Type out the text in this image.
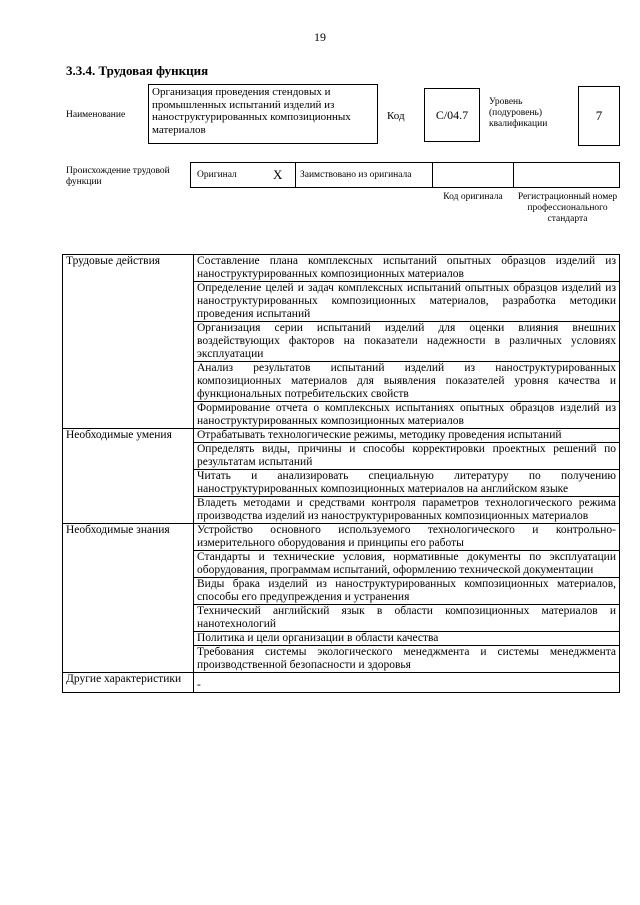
19
3.3.4. Трудовая функция
Наименование
Организация проведения стендовых и промышленных испытаний изделий из наноструктурированных композиционных материалов
Код	C/04.7
Уровень (подуровень) квалификации
7
Происхождение трудовой функции
Оригинал	X Заимствовано из оригинала
Код оригинала	Регистрационный номер профессионального стандарта
Трудовые действия	Составление плана комплексных испытаний опытных образцов изделий из наноструктурированных композиционных материалов
	Определение целей и задач комплексных испытаний опытных образцов изделий из наноструктурированных композиционных материалов, разработка методики проведения испытаний
	Организация серии испытаний изделий для оценки влияния внешних воздействующих факторов на показатели надежности в различных условиях эксплуатации
	Анализ результатов испытаний изделий из наноструктурированных композиционных материалов для выявления показателей уровня качества и функциональных потребительских свойств
	Формирование отчета о комплексных испытаниях опытных образцов изделий из наноструктурированных композиционных материалов
Необходимые умения	Отрабатывать технологические режимы, методику проведения испытаний
	Определять виды, причины и способы корректировки проектных решений по результатам испытаний
	Читать и анализировать специальную литературу по получению наноструктурированных композиционных материалов на английском языке
	Владеть методами и средствами контроля параметров технологического режима производства изделий из наноструктурированных композиционных материалов
Необходимые знания	Устройство основного используемого технологического и контрольно-измерительного оборудования и принципы его работы
	Стандарты и технические условия, нормативные документы по эксплуатации оборудования, программам испытаний, оформлению технической документации
	Виды брака изделий из наноструктурированных композиционных материалов, способы его предупреждения и устранения
	Технический английский язык в области композиционных материалов и нанотехнологий
	Политика и цели организации в области качества
	Требования системы экологического менеджмента и системы менеджмента производственной безопасности и здоровья
Другие характеристики	-
